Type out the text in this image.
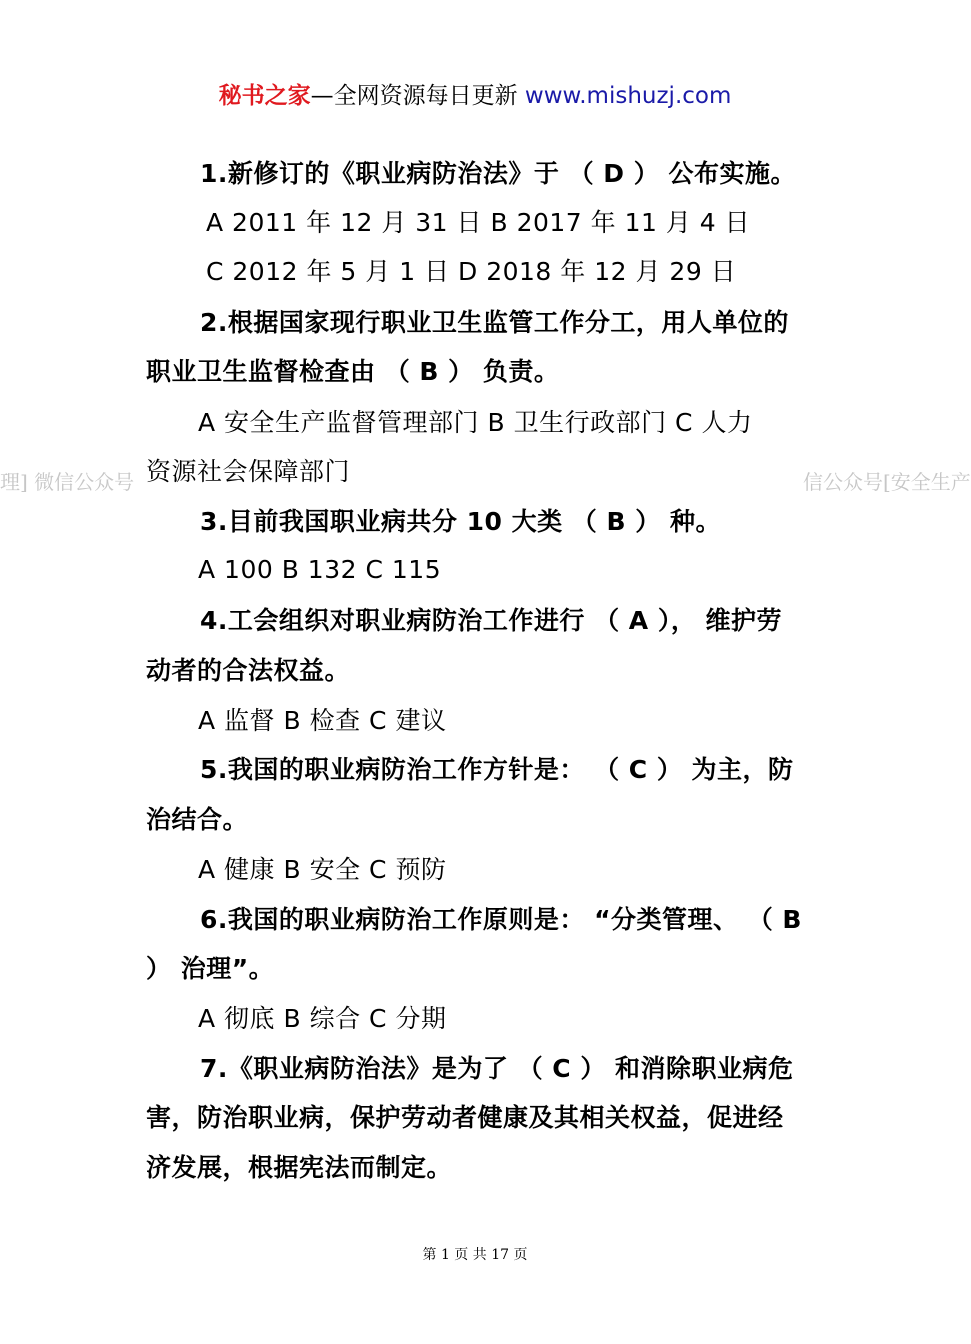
秘书之家—全网资源每日更新 www.mishuzj.com
理] 微信公众号	信公众号[安全生产
1.新修订的《职业病防治法》于 （ D ） 公布实施。
A 2011 年 12 月 31 日 B 2017 年 11 月 4 日
C 2012 年 5 月 1 日 D 2018 年 12 月 29 日
2.根据国家现行职业卫生监管工作分工，用人单位的
职业卫生监督检查由 （ B ） 负责。
A 安全生产监督管理部门 B 卫生行政部门 C 人力
资源社会保障部门
3.目前我国职业病共分 10 大类 （ B ） 种。
A 100 B 132 C 115
4.工会组织对职业病防治工作进行 （ A ）， 维护劳
动者的合法权益。
A 监督 B 检查 C 建议
5.我国的职业病防治工作方针是： （ C ） 为主，防
治结合。
A 健康 B 安全 C 预防
6.我国的职业病防治工作原则是： “分类管理、 （ B
） 治理”。
A 彻底 B 综合 C 分期
7.《职业病防治法》是为了 （ C ） 和消除职业病危
害，防治职业病，保护劳动者健康及其相关权益，促进经
济发展，根据宪法而制定。
第 1 页 共 17 页
